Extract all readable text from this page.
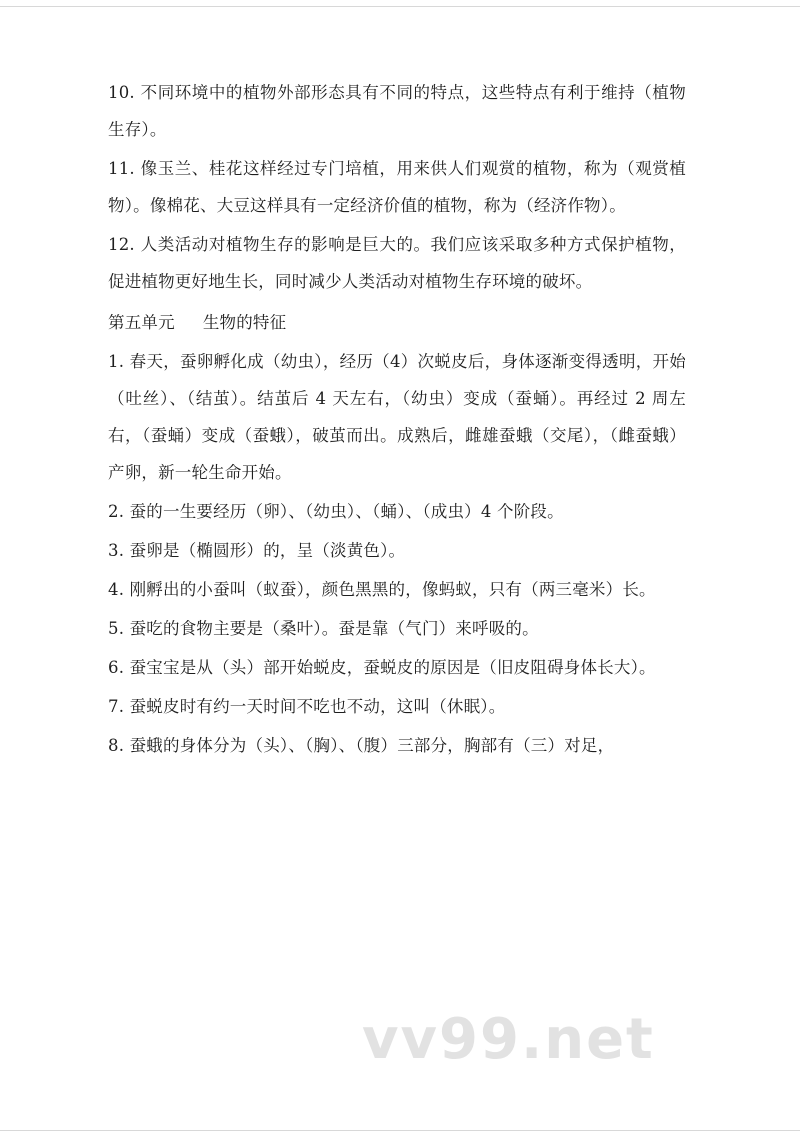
10. 不同环境中的植物外部形态具有不同的特点，这些特点有利于维持（植物生存）。

11. 像玉兰、桂花这样经过专门培植，用来供人们观赏的植物，称为（观赏植物）。像棉花、大豆这样具有一定经济价值的植物，称为（经济作物）。

12. 人类活动对植物生存的影响是巨大的。我们应该采取多种方式保护植物，促进植物更好地生长，同时减少人类活动对植物生存环境的破坏。

第五单元 生物的特征

1. 春天，蚕卵孵化成（幼虫），经历（4）次蜕皮后，身体逐渐变得透明，开始（吐丝）、（结茧）。结茧后 4 天左右，（幼虫）变成（蚕蛹）。再经过 2 周左右，（蚕蛹）变成（蚕蛾），破茧而出。成熟后，雌雄蚕蛾（交尾），（雌蚕蛾）产卵，新一轮生命开始。

2. 蚕的一生要经历（卵）、（幼虫）、（蛹）、（成虫）4 个阶段。

3. 蚕卵是（椭圆形）的，呈（淡黄色）。

4. 刚孵出的小蚕叫（蚁蚕），颜色黑黑的，像蚂蚁，只有（两三毫米）长。

5. 蚕吃的食物主要是（桑叶）。蚕是靠（气门）来呼吸的。

6. 蚕宝宝是从（头）部开始蜕皮，蚕蜕皮的原因是（旧皮阻碍身体长大）。

7. 蚕蜕皮时有约一天时间不吃也不动，这叫（休眠）。

8. 蚕蛾的身体分为（头）、（胸）、（腹）三部分，胸部有（三）对足，

vv99.net
